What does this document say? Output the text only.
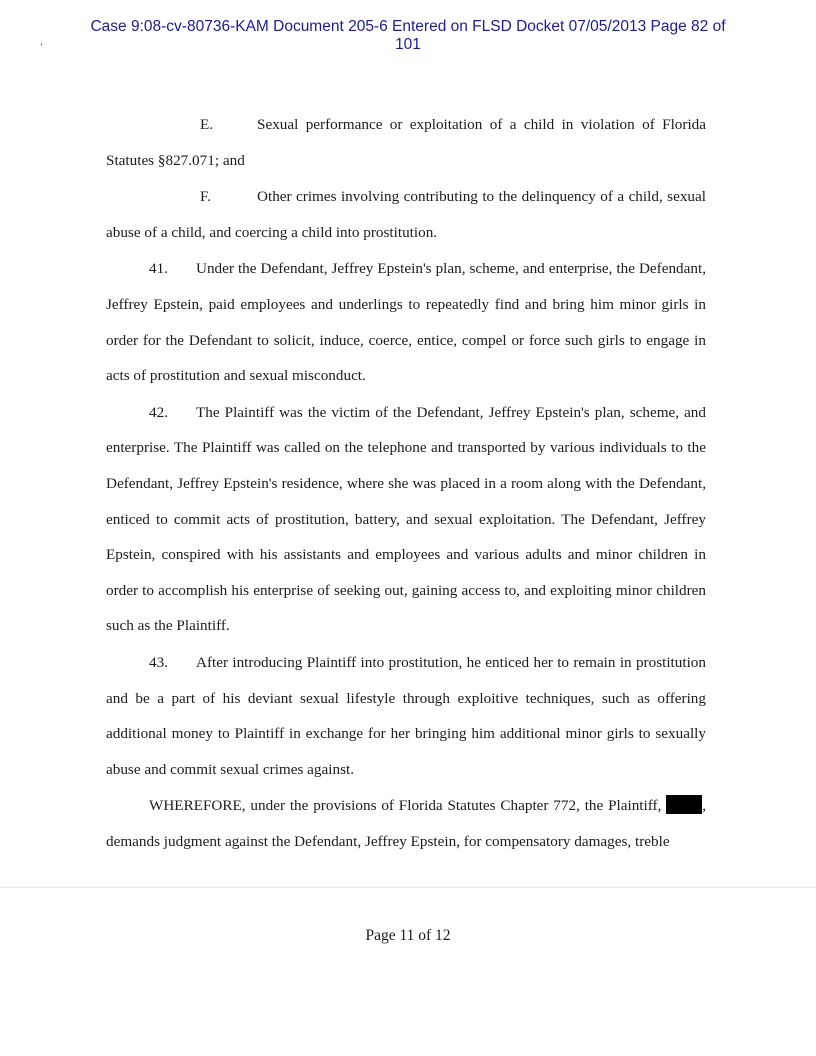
Case 9:08-cv-80736-KAM Document 205-6 Entered on FLSD Docket 07/05/2013 Page 82 of
101
ʼ

E.	Sexual performance or exploitation of a child in violation of Florida Statutes §827.071; and

F.	Other crimes involving contributing to the delinquency of a child, sexual abuse of a child, and coercing a child into prostitution.

41. Under the Defendant, Jeffrey Epstein's plan, scheme, and enterprise, the Defendant, Jeffrey Epstein, paid employees and underlings to repeatedly find and bring him minor girls in order for the Defendant to solicit, induce, coerce, entice, compel or force such girls to engage in acts of prostitution and sexual misconduct.

42. The Plaintiff was the victim of the Defendant, Jeffrey Epstein's plan, scheme, and enterprise. The Plaintiff was called on the telephone and transported by various individuals to the Defendant, Jeffrey Epstein's residence, where she was placed in a room along with the Defendant, enticed to commit acts of prostitution, battery, and sexual exploitation. The Defendant, Jeffrey Epstein, conspired with his assistants and employees and various adults and minor children in order to accomplish his enterprise of seeking out, gaining access to, and exploiting minor children such as the Plaintiff.

43. After introducing Plaintiff into prostitution, he enticed her to remain in prostitution and be a part of his deviant sexual lifestyle through exploitive techniques, such as offering additional money to Plaintiff in exchange for her bringing him additional minor girls to sexually abuse and commit sexual crimes against.

WHEREFORE, under the provisions of Florida Statutes Chapter 772, the Plaintiff, , demands judgment against the Defendant, Jeffrey Epstein, for compensatory damages, treble

Page 11 of 12
